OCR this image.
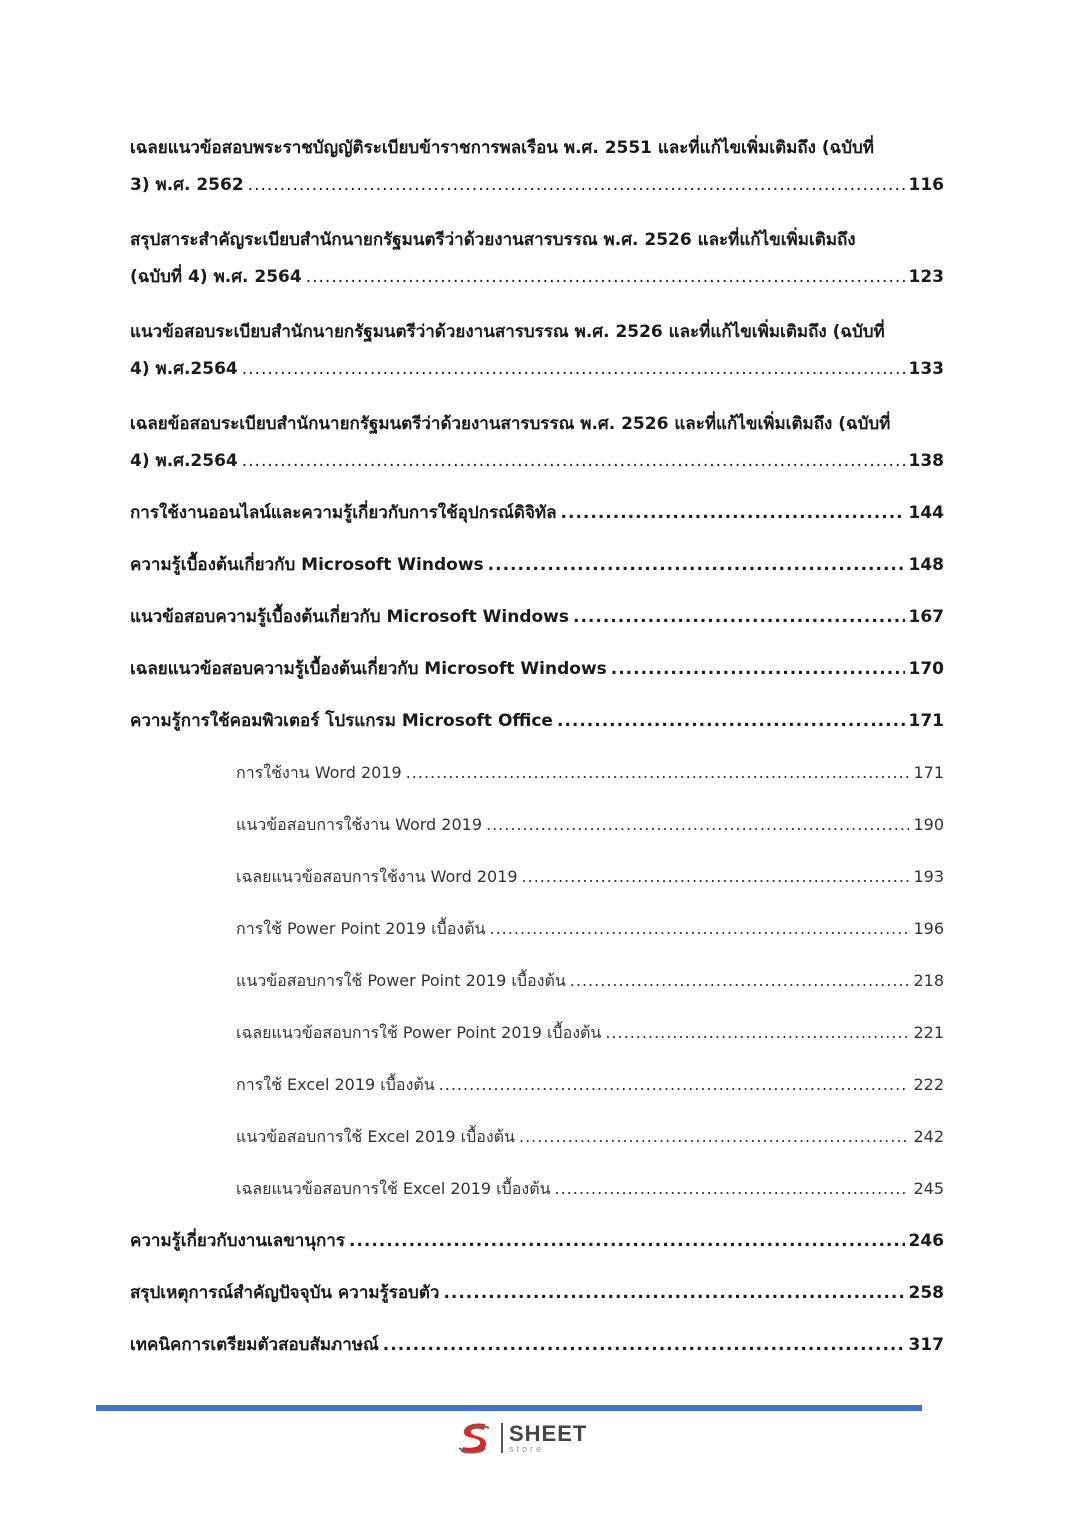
เฉลยแนวข้อสอบพระราชบัญญัติระเบียบข้าราชการพลเรือน พ.ศ. 2551 และที่แก้ไขเพิ่มเติมถึง (ฉบับที่
3) พ.ศ. 2562 .....	116
สรุปสาระสำคัญระเบียบสำนักนายกรัฐมนตรีว่าด้วยงานสารบรรณ พ.ศ. 2526 และที่แก้ไขเพิ่มเติมถึง
(ฉบับที่ 4) พ.ศ. 2564 .....	123
แนวข้อสอบระเบียบสำนักนายกรัฐมนตรีว่าด้วยงานสารบรรณ พ.ศ. 2526 และที่แก้ไขเพิ่มเติมถึง (ฉบับที่
4) พ.ศ.2564 .....	133
เฉลยข้อสอบระเบียบสำนักนายกรัฐมนตรีว่าด้วยงานสารบรรณ พ.ศ. 2526 และที่แก้ไขเพิ่มเติมถึง (ฉบับที่
4) พ.ศ.2564 .....	138
การใช้งานออนไลน์และความรู้เกี่ยวกับการใช้อุปกรณ์ดิจิทัล .....	144
ความรู้เบื้องต้นเกี่ยวกับ Microsoft Windows .....	148
แนวข้อสอบความรู้เบื้องต้นเกี่ยวกับ Microsoft Windows .....	167
เฉลยแนวข้อสอบความรู้เบื้องต้นเกี่ยวกับ Microsoft Windows .....	170
ความรู้การใช้คอมพิวเตอร์ โปรแกรม Microsoft Office .....	171
การใช้งาน Word 2019 .....	171
แนวข้อสอบการใช้งาน Word 2019 .....	190
เฉลยแนวข้อสอบการใช้งาน Word 2019 .....	193
การใช้ Power Point 2019 เบื้องต้น .....	196
แนวข้อสอบการใช้ Power Point 2019 เบื้องต้น .....	218
เฉลยแนวข้อสอบการใช้ Power Point 2019 เบื้องต้น .....	221
การใช้ Excel 2019 เบื้องต้น .....	222
แนวข้อสอบการใช้ Excel 2019 เบื้องต้น .....	242
เฉลยแนวข้อสอบการใช้ Excel 2019 เบื้องต้น .....	245
ความรู้เกี่ยวกับงานเลขานุการ .....	246
สรุปเหตุการณ์สำคัญปัจจุบัน ความรู้รอบตัว .....	258
เทคนิคการเตรียมตัวสอบสัมภาษณ์ .....	317
SHEET
store
